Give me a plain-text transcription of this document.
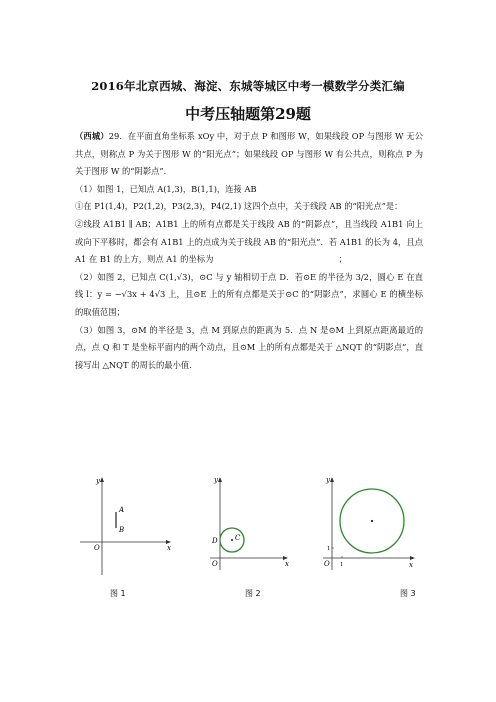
2016年北京西城、海淀、东城等城区中考一模数学分类汇编
中考压轴题第29题

（西城）29．在平面直角坐标系 xOy 中，对于点 P 和图形 W，如果线段 OP 与图形 W 无公共点，则称点 P 为关于图形 W 的“阳光点”；如果线段 OP 与图形 W 有公共点，则称点 P 为关于图形 W 的“阴影点”．

（1）如图 1，已知点 A(1,3)，B(1,1)，连接 AB

①在 P1(1,4)，P2(1,2)，P3(2,3)，P4(2,1) 这四个点中，关于线段 AB 的“阳光点”是：

②线段 A1B1 ∥ AB；A1B1 上的所有点都是关于线段 AB 的“阴影点”，且当线段 A1B1 向上或向下平移时，都会有 A1B1 上的点成为关于线段 AB 的“阳光点”．若 A1B1 的长为 4，且点 A1 在 B1 的上方，则点 A1 的坐标为	；

（2）如图 2，已知点 C(1,√3)，⊙C 与 y 轴相切于点 D．若⊙E 的半径为 3/2，圆心 E 在直线 l：y = −√3x + 4√3 上，且⊙E 上的所有点都是关于⊙C 的“阴影点”，求圆心 E 的横坐标的取值范围；

（3）如图 3，⊙M 的半径是 3，点 M 到原点的距离为 5．点 N 是⊙M 上到原点距离最近的点，点 Q 和 T 是坐标平面内的两个动点，且⊙M 上的所有点都是关于 △NQT 的“阴影点”，直接写出 △NQT 的周长的最小值．

y
x
O
A
B
图 1
y
x
O
C
D
图 2
y
x
O 1
1
图 3
